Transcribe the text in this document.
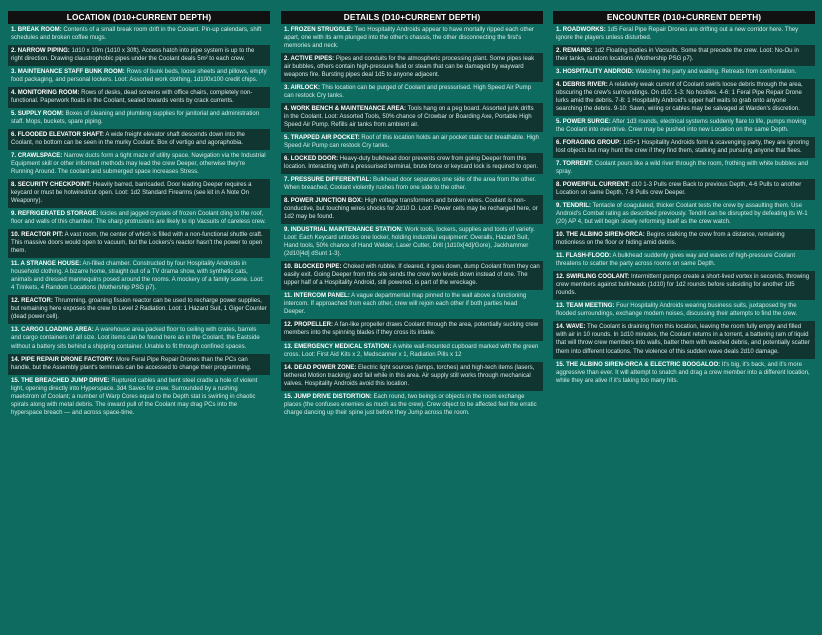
LOCATION (D10+CURRENT DEPTH)

1. BREAK ROOM: Contents of a small break room drift in the Coolant. Pin-up calendars, shift schedules and broken coffee mugs.

2. NARROW PIPING: 1d10 x 10m (1d10 x 30ft). Access hatch into pipe system is up to the right direction. Drawing claustrophobic pipes under the Coolant deals 5m² to each crew.

3. MAINTENANCE STAFF BUNK ROOM: Rows of bunk beds, loose sheets and pillows, empty food packaging, and personal lockers. Loot: Assorted work clothing, 1d100x100 credit chips.

4. MONITORING ROOM: Rows of desks, dead screens with office chairs, completely non-functional. Paperwork floats in the Coolant, sealed towards vents by crack currents.

5. SUPPLY ROOM: Boxes of cleaning and plumbing supplies for janitorial and administration staff. Mops, buckets, spare piping.

6. FLOODED ELEVATOR SHAFT: A wide freight elevator shaft descends down into the Coolant, no bottom can be seen in the murky Coolant. Box of vertigo and agoraphobia.

7. CRAWLSPACE: Narrow ducts form a tight maze of utility space. Navigation via the Industrial Equipment skill or other informed methods may lead the crew Deeper, otherwise they're Running Around. The coolant and submerged space increases Stress.

8. SECURITY CHECKPOINT: Heavily barred, barricaded. Door leading Deeper requires a keycard or must be hotwired/cut open. Loot: 1d2 Standard Firearms (see kit in A Note On Weaponry).

9. REFRIGERATED STORAGE: Icicles and jagged crystals of frozen Coolant cling to the roof, floor and walls of this chamber. The sharp protrusions are likely to rip Vacsuits of careless crew.

10. REACTOR PIT: A vast room, the center of which is filled with a non-functional shuttle craft. This massive doors would open to vacuum, but the Lockers's reactor hasn't the power to open them.

11. A STRANGE HOUSE: An-filled chamber. Constructed by four Hospitality Androids in household clothing. A bizarre home, straight out of a TV drama show, with synthetic cats, animals and dressed mannequins posed around the rooms. A mockery of a family scene. Loot: 4 Trinkets, 4 Random Locations (Mothership PSG p7).

12. REACTOR: Thrumming, groaning fission reactor can be used to recharge power supplies, but remaining here exposes the crew to Level 2 Radiation. Loot: 1 Hazard Suit, 1 Giger Counter (dead power cell).

13. CARGO LOADING AREA: A warehouse area packed floor to ceiling with crates, barrels and cargo containers of all size. Loot items can be found here as in the Coolant, the Eastside without a battery sits behind a shipping container. Unable to fit through confined spaces.

14. PIPE REPAIR DRONE FACTORY: More Feral Pipe Repair Drones than the PCs can handle, but the Assembly plant's terminals can be accessed to change their programming.

15. THE BREACHED JUMP DRIVE: Ruptured cables and bent steel cradle a hole of violent light, opening directly into Hyperspace. 3d4 Saves for crew. Surrounded by a rushing maelstrom of Coolant; a number of Warp Cores equal to the Depth stat is swirling in chaotic spirals along with metal debris. The inward pull of the Coolant may drag PCs into the hyperspace breach — and across space-time.

DETAILS (D10+CURRENT DEPTH)

1. FROZEN STRUGGLE: Two Hospitality Androids appear to have mortally ripped each other apart, one with its arm plunged into the other's chassis, the other disconnecting the first's memories and neck.

2. ACTIVE PIPES: Pipes and conduits for the atmospheric processing plant. Some pipes leak air bubbles, others contain high-pressure fluid or steam that can be damaged by wayward weapons fire. Bursting pipes deal 1d5 to anyone adjacent.

3. AIRLOCK: This location can be purged of Coolant and pressurised. High Speed Air Pump can restock Cry tanks.

4. WORK BENCH & MAINTENANCE AREA: Tools hang on a peg board. Assorted junk drifts in the Coolant. Loot: Assorted Tools, 50% chance of Crowbar or Boarding Axe, Portable High Speed Air Pump. Refills air tanks from ambient air.

5. TRAPPED AIR POCKET: Roof of this location holds an air pocket static but breathable. High Speed Air Pump can restock Cry tanks.

6. LOCKED DOOR: Heavy-duty bulkhead door prevents crew from going Deeper from this location. Interacting with a pressurised terminal, brute force or keycard lock is required to open.

7. PRESSURE DIFFERENTIAL: Bulkhead door separates one side of the area from the other. When breached, Coolant violently rushes from one side to the other.

8. POWER JUNCTION BOX: High voltage transformers and broken wires. Coolant is non-conductive, but touching wires shocks for 2d10 D. Loot: Power cells may be recharged here, or 1d2 may be found.

9. INDUSTRIAL MAINTENANCE STATION: Work tools, lockers, supplies and tools of variety. Loot: Each Keycard unlocks one locker, holding industrial equipment: Overalls, Hazard Suit, Hand tools, 50% chance of Hand Welder, Laser Cutter, Drill (1d10x[4d]/Gore), Jackhammer (2d10[4d] dSunt 1-3).

10. BLOCKED PIPE: Choked with rubble. If cleared, it goes down, dump Coolant from they can easily exit. Going Deeper from this site sends the crew two levels down instead of one. The upper half of a Hospitality Android, still powered, is part of the wreckage.

11. INTERCOM PANEL: A vague departmental map pinned to the wall above a functioning intercom. If approached from each other, crew will rejoin each other if both parties head Deeper.

12. PROPELLER: A fan-like propeller draws Coolant through the area, potentially sucking crew members into the spinning blades if they cross its intake.

13. EMERGENCY MEDICAL STATION: A white wall-mounted cupboard marked with the green cross. Loot: First Aid Kits x 2, Medscanner x 1, Radiation Pills x 12

14. DEAD POWER ZONE: Electric light sources (lamps, torches) and high-tech items (lasers, tethered Motion tracking) and fail while in this area. Air supply still works through mechanical valves. Hospitality Androids avoid this location.

15. JUMP DRIVE DISTORTION: Each round, two beings or objects in the room exchange places (the confuses enemies as much as the crew). Crew object to be affected feel the erratic charge dancing up their spine just before they Jump across the room.

ENCOUNTER (D10+CURRENT DEPTH)

1. ROADWORKS: 1d5 Feral Pipe Repair Drones are drifting out a new corridor here. They ignore the players unless disturbed.

2. REMAINS: 1d2 Floating bodies in Vacsuits. Some that precede the crew. Loot: No-Ou in their tanks, random locations (Mothership PSG p7).

3. HOSPITALITY ANDROID: Watching the party and waiting. Retreats from confrontation.

4. DEBRIS RIVER: A relatively weak current of Coolant swirls loose debris through the area, obscuring the crew's surroundings. On d10: 1-3: No hostiles. 4-6: 1 Feral Pipe Repair Drone lurks amid the debris. 7-8: 1 Hospitality Android's upper half waits to grab onto anyone searching the debris. 9-10: Sawn, wiring or cables may be salvaged at Warden's discretion.

5. POWER SURGE: After 1d3 rounds, electrical systems suddenly flare to life, pumps moving the Coolant into overdrive. Crew may be pushed into new Location on the same Depth.

6. FORAGING GROUP: 1d5+1 Hospitality Androids form a scavenging party, they are ignoring lost objects but may hunt the crew if they find them, stalking and pursuing anyone that flees.

7. TORRENT: Coolant pours like a wild river through the room, frothing with white bubbles and spray.

8. POWERFUL CURRENT: d10 1-3 Pulls crew Back to previous Depth, 4-6 Pulls to another Location on same Depth, 7-8 Pulls crew Deeper.

9. TENDRIL: Tentacle of coagulated, thicker Coolant tests the crew by assaulting them. Use Android's Combat rating as described previously. Tendril can be disrupted by defeating its W-1 (20) AP 4, but will begin slowly reforming itself as the crew watch.

10. THE ALBINO SIREN-ORCA: Begins stalking the crew from a distance, remaining motionless on the floor or hiding amid debris.

11. FLASH-FLOOD: A bulkhead suddenly gives way and waves of high-pressure Coolant threatens to scatter the party across rooms on same Depth.

12. SWIRLING COOLANT: Intermittent pumps create a short-lived vortex in seconds, throwing crew members against bulkheads (1d10) for 1d2 rounds before subsiding for another 1d5 rounds.

13. TEAM MEETING: Four Hospitality Androids wearing business suits, juxtaposed by the flooded surroundings, exchange modem noises, discussing their attempts to find the crew.

14. WAVE: The Coolant is draining from this location, leaving the room fully empty and filled with air in 10 rounds. In 1d10 minutes, the Coolant returns in a torrent, a battering ram of liquid that will throw crew members into walls, batter them with washed debris, and potentially scatter them into different locations. The violence of this sudden wave deals 2d10 damage.

15. THE ALBINO SIREN-ORCA & ELECTRIC BOOGALOO: It's big, it's back, and it's more aggressive than ever. It will attempt to snatch and drag a crew member into a different location, while they are alive if it's taking too many hits.
